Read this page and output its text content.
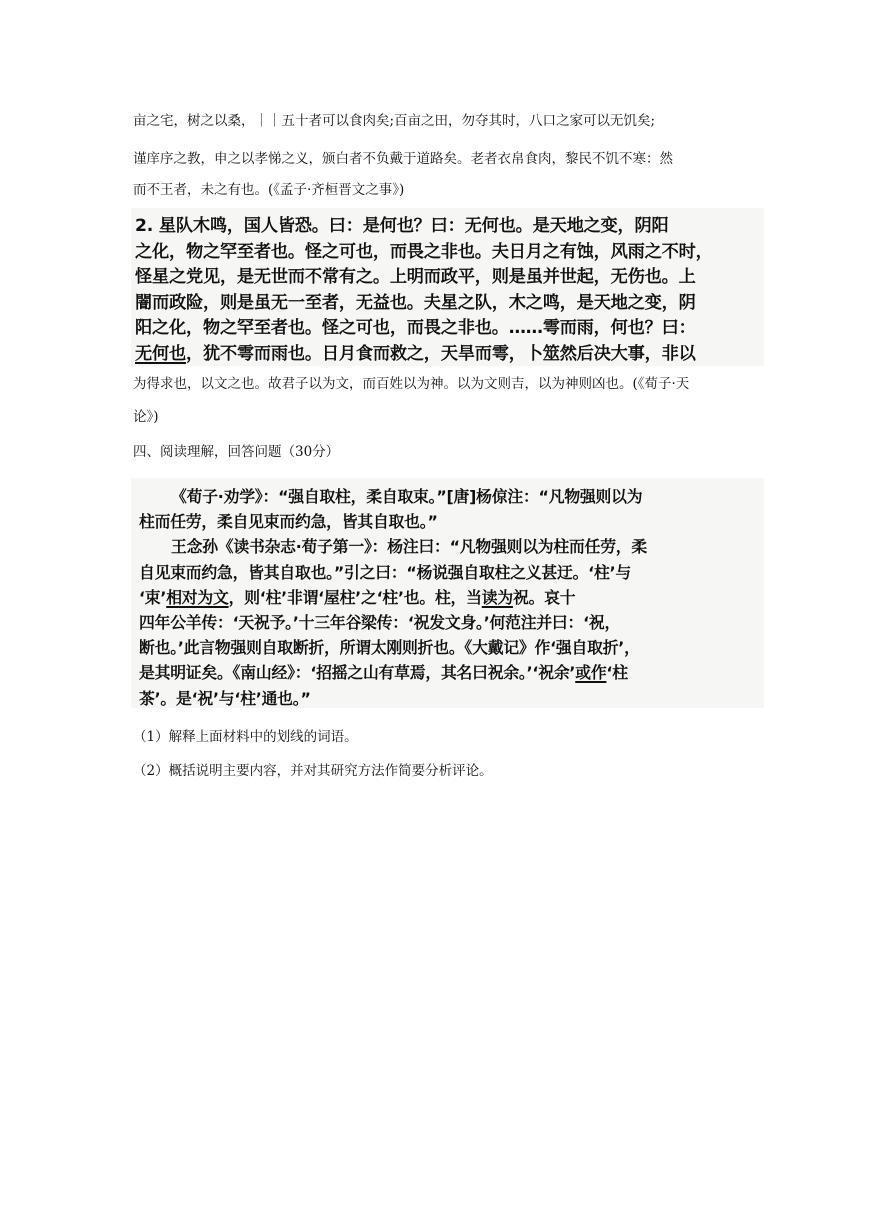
亩之宅，树之以桑，｜｜五十者可以食肉矣;百亩之田，勿夺其时，八口之家可以无饥矣;
谨庠序之教，申之以孝悌之义，颁白者不负戴于道路矣。老者衣帛食肉，黎民不饥不寒：然
而不王者，未之有也。(《孟子·齐桓晋文之事》)
2. 星队木鸣，国人皆恐。曰：是何也？曰：无何也。是天地之变，阴阳
之化，物之罕至者也。怪之可也，而畏之非也。夫日月之有蚀，风雨之不时，
怪星之党见，是无世而不常有之。上明而政平，则是虽并世起，无伤也。上
闇而政险，则是虽无一至者，无益也。夫星之队，木之鸣，是天地之变，阴
阳之化，物之罕至者也。怪之可也，而畏之非也。……雩而雨，何也？曰：
无何也，犹不雩而雨也。日月食而救之，天旱而雩，卜筮然后决大事，非以
为得求也，以文之也。故君子以为文，而百姓以为神。以为文则吉，以为神则凶也。(《荀子·天
论》)
四、阅读理解，回答问题（30分）
《荀子·劝学》：“强自取柱，柔自取束。”[唐]杨倞注：“凡物强则以为
柱而任劳，柔自见束而约急，皆其自取也。”
王念孙《读书杂志·荀子第一》：杨注曰：“凡物强则以为柱而任劳，柔
自见束而约急，皆其自取也。”引之曰：“杨说强自取柱之义甚迂。‘柱’与
‘束’相对为文，则‘柱’非谓‘屋柱’之‘柱’也。柱，当读为祝。哀十
四年公羊传：‘天祝予。’十三年谷梁传：‘祝发文身。’何范注并曰：‘祝，
断也。’此言物强则自取断折，所谓太刚则折也。《大戴记》作‘强自取折’，
是其明证矣。《南山经》：‘招摇之山有草焉，其名曰祝余。’‘祝余’或作‘柱
茶’。是‘祝’与‘柱’通也。”
（1）解释上面材料中的划线的词语。
（2）概括说明主要内容，并对其研究方法作简要分析评论。
